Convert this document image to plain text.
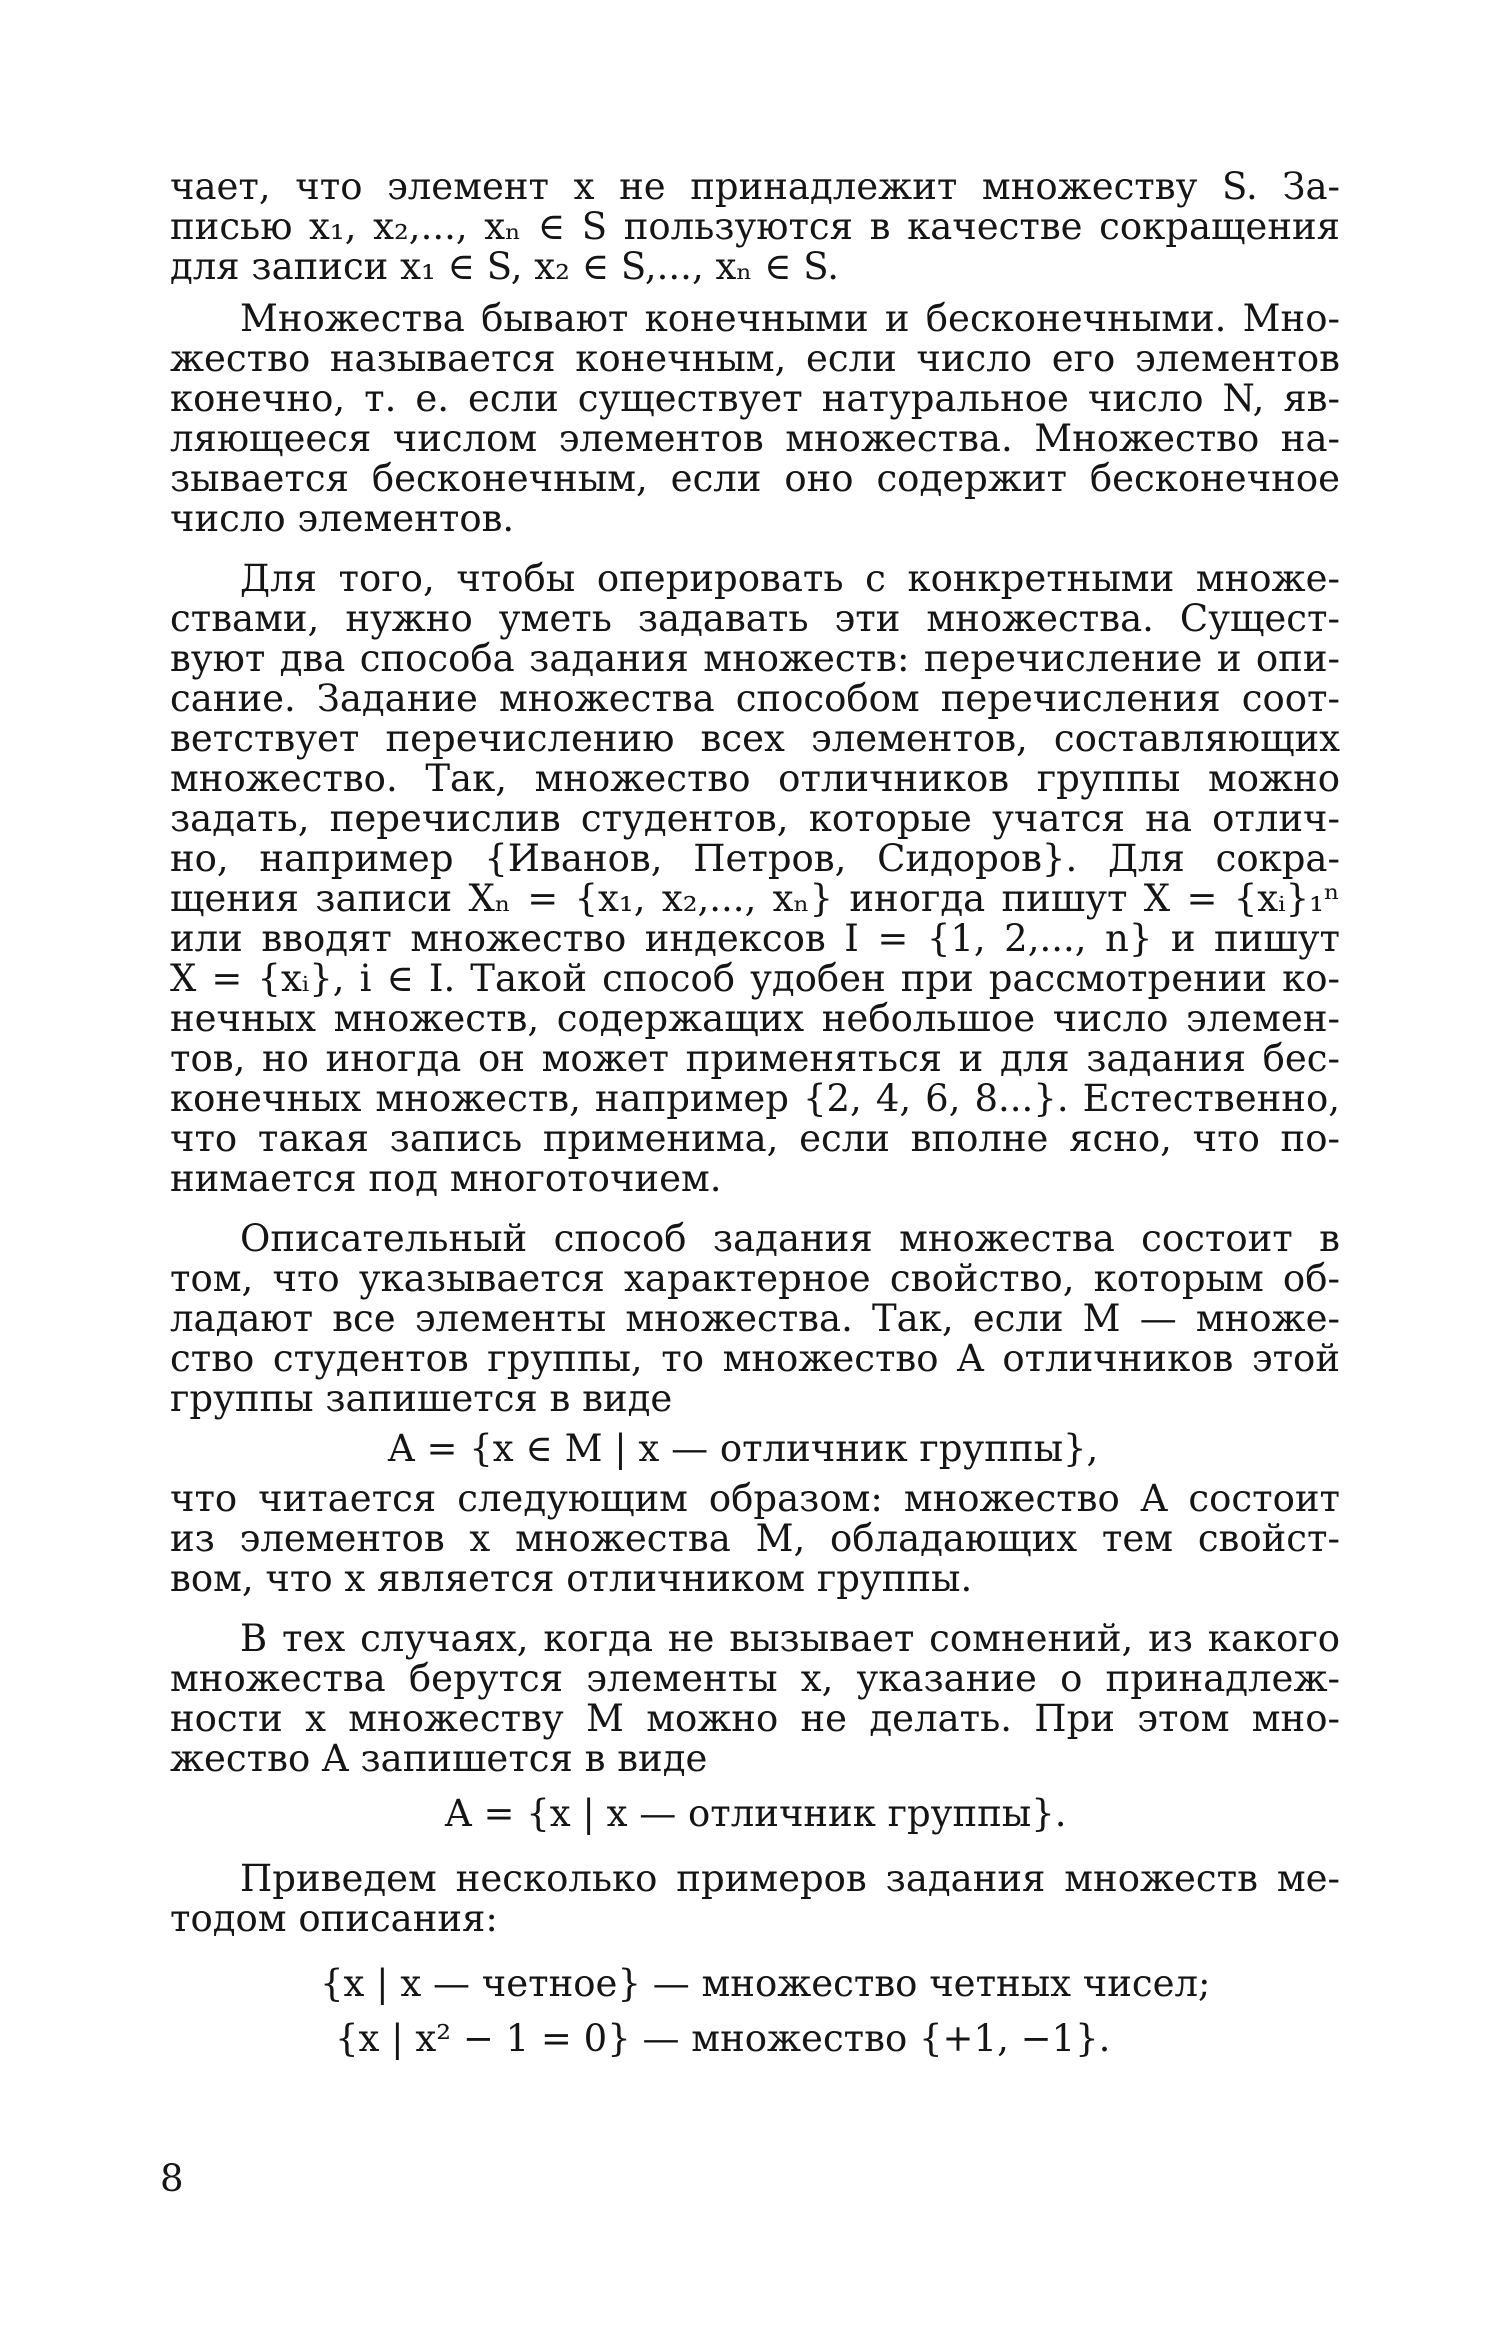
чает, что элемент x не принадлежит множеству S. За-
писью x₁, x₂,..., xₙ ∈ S пользуются в качестве сокращения
для записи x₁ ∈ S, x₂ ∈ S,..., xₙ ∈ S.
Множества бывают конечными и бесконечными. Мно-
жество называется конечным, если число его элементов
конечно, т. е. если существует натуральное число N, яв-
ляющееся числом элементов множества. Множество на-
зывается бесконечным, если оно содержит бесконечное
число элементов.
Для того, чтобы оперировать с конкретными множе-
ствами, нужно уметь задавать эти множества. Сущест-
вуют два способа задания множеств: перечисление и опи-
сание. Задание множества способом перечисления соот-
ветствует перечислению всех элементов, составляющих
множество. Так, множество отличников группы можно
задать, перечислив студентов, которые учатся на отлич-
но, например {Иванов, Петров, Сидоров}. Для сокра-
щения записи Xₙ = {x₁, x₂,..., xₙ} иногда пишут X = {xᵢ}₁ⁿ
или вводят множество индексов I = {1, 2,..., n} и пишут
X = {xᵢ}, i ∈ I. Такой способ удобен при рассмотрении ко-
нечных множеств, содержащих небольшое число элемен-
тов, но иногда он может применяться и для задания бес-
конечных множеств, например {2, 4, 6, 8...}. Естественно,
что такая запись применима, если вполне ясно, что по-
нимается под многоточием.
Описательный способ задания множества состоит в
том, что указывается характерное свойство, которым об-
ладают все элементы множества. Так, если M — множе-
ство студентов группы, то множество A отличников этой
группы запишется в виде
A = {x ∈ M | x — отличник группы},
что читается следующим образом: множество A состоит
из элементов x множества M, обладающих тем свойст-
вом, что x является отличником группы.
В тех случаях, когда не вызывает сомнений, из какого
множества берутся элементы x, указание о принадлеж-
ности x множеству M можно не делать. При этом мно-
жество A запишется в виде
A = {x | x — отличник группы}.
Приведем несколько примеров задания множеств ме-
тодом описания:
{x | x — четное} — множество четных чисел;
{x | x² − 1 = 0} — множество {+1, −1}.
8
